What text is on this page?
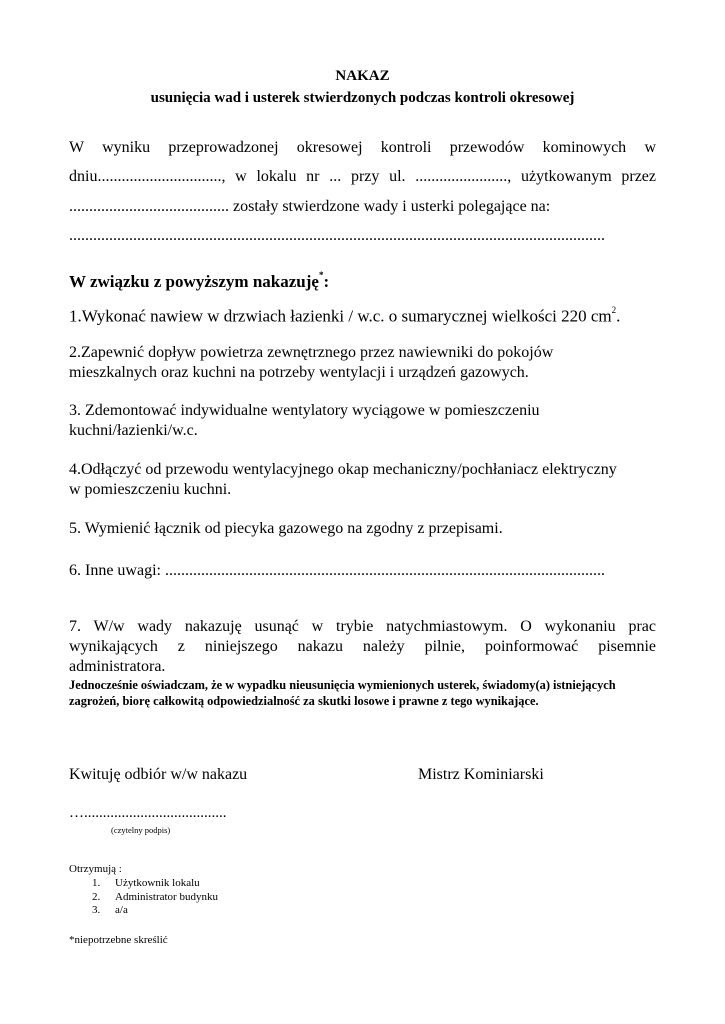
NAKAZ
usunięcia wad i usterek stwierdzonych podczas kontroli okresowej
W wyniku przeprowadzonej okresowej kontroli przewodów kominowych w
dniu..............................., w lokalu nr ... przy ul. ......................., użytkowanym przez
........................................ zostały stwierdzone wady i usterki polegające na:
......................................................................................................................................
W związku z powyższym nakazuję*:
1.Wykonać nawiew w drzwiach łazienki / w.c. o sumarycznej wielkości 220 $cm^2$.
2.Zapewnić dopływ powietrza zewnętrznego przez nawiewniki do pokojów
mieszkalnych oraz kuchni na potrzeby wentylacji i urządzeń gazowych.
3. Zdemontować indywidualne wentylatory wyciągowe w pomieszczeniu
kuchni/łazienki/w.c.
4.Odłączyć od przewodu wentylacyjnego okap mechaniczny/pochłaniacz elektryczny
w pomieszczeniu kuchni.
5. Wymienić łącznik od piecyka gazowego na zgodny z przepisami.
6. Inne uwagi: ..............................................................................................................
7. W/w wady nakazuję usunąć w trybie natychmiastowym. O wykonaniu prac
wynikających z niniejszego nakazu należy pilnie, poinformować pisemnie
administratora.
Jednocześnie oświadczam, że w wypadku nieusunięcia wymienionych usterek, świadomy(a) istniejących zagrożeń, biorę całkowitą odpowiedzialność za skutki losowe i prawne z tego wynikające.
Kwituję odbiór w/w nakazu	Mistrz Kominiarski
…......................................
(czytelny podpis)
Otrzymują :
1. Użytkownik lokalu
2. Administrator budynku
3. a/a
*niepotrzebne skreślić
